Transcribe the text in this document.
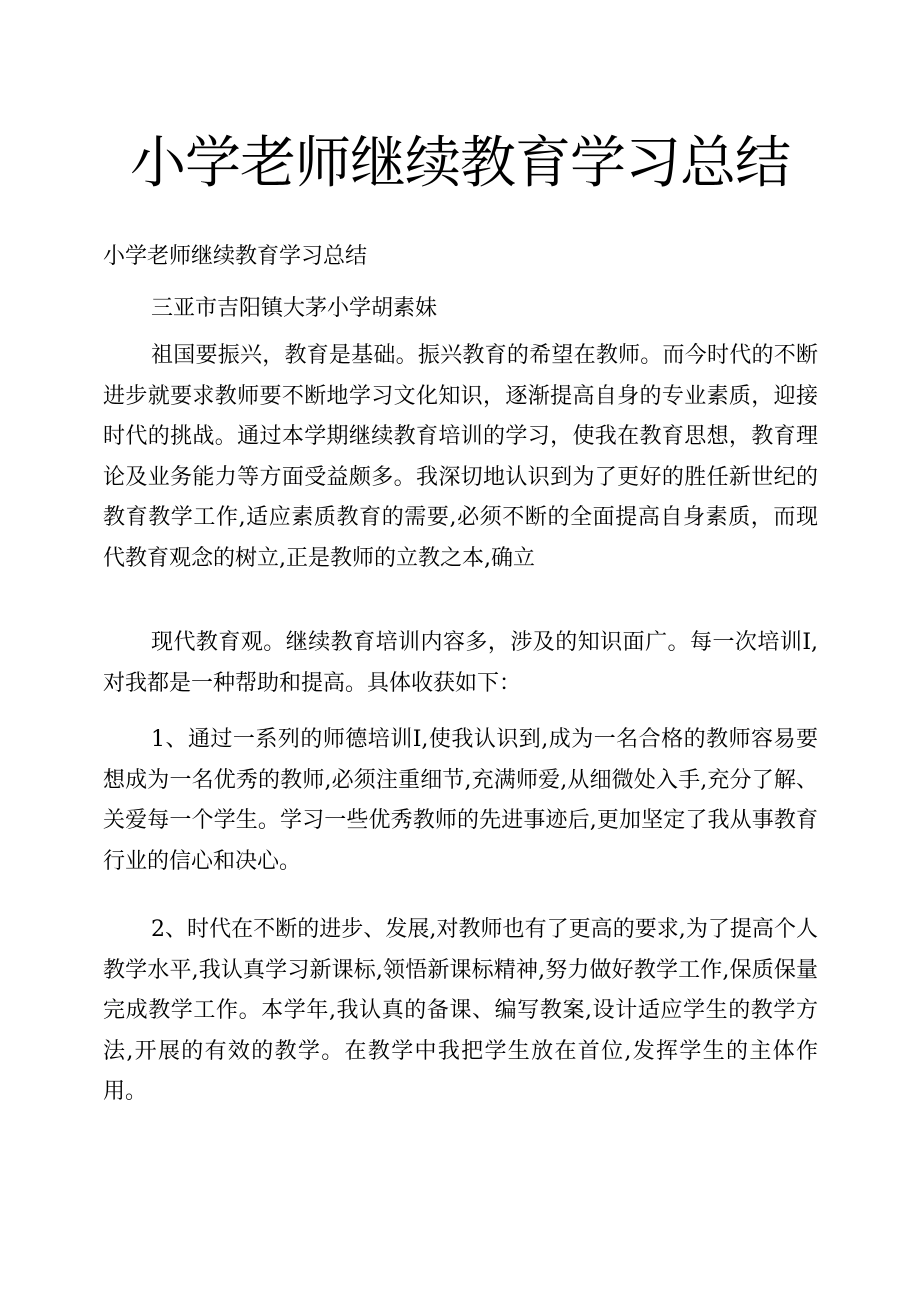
小学老师继续教育学习总结

小学老师继续教育学习总结

三亚市吉阳镇大茅小学胡素妹

祖国要振兴，教育是基础。振兴教育的希望在教师。而今时代的不断进步就要求教师要不断地学习文化知识，逐渐提高自身的专业素质，迎接时代的挑战。通过本学期继续教育培训的学习，使我在教育思想，教育理论及业务能力等方面受益颇多。我深切地认识到为了更好的胜任新世纪的教育教学工作,适应素质教育的需要,必须不断的全面提高自身素质，而现代教育观念的树立,正是教师的立教之本,确立

现代教育观。继续教育培训内容多，涉及的知识面广。每一次培训I,对我都是一种帮助和提高。具体收获如下：

1、通过一系列的师德培训I,使我认识到,成为一名合格的教师容易要想成为一名优秀的教师,必须注重细节,充满师爱,从细微处入手,充分了解、关爱每一个学生。学习一些优秀教师的先进事迹后,更加坚定了我从事教育行业的信心和决心。

2、时代在不断的进步、发展,对教师也有了更高的要求,为了提高个人教学水平,我认真学习新课标,领悟新课标精神,努力做好教学工作,保质保量完成教学工作。本学年,我认真的备课、编写教案,设计适应学生的教学方法,开展的有效的教学。在教学中我把学生放在首位,发挥学生的主体作用。
